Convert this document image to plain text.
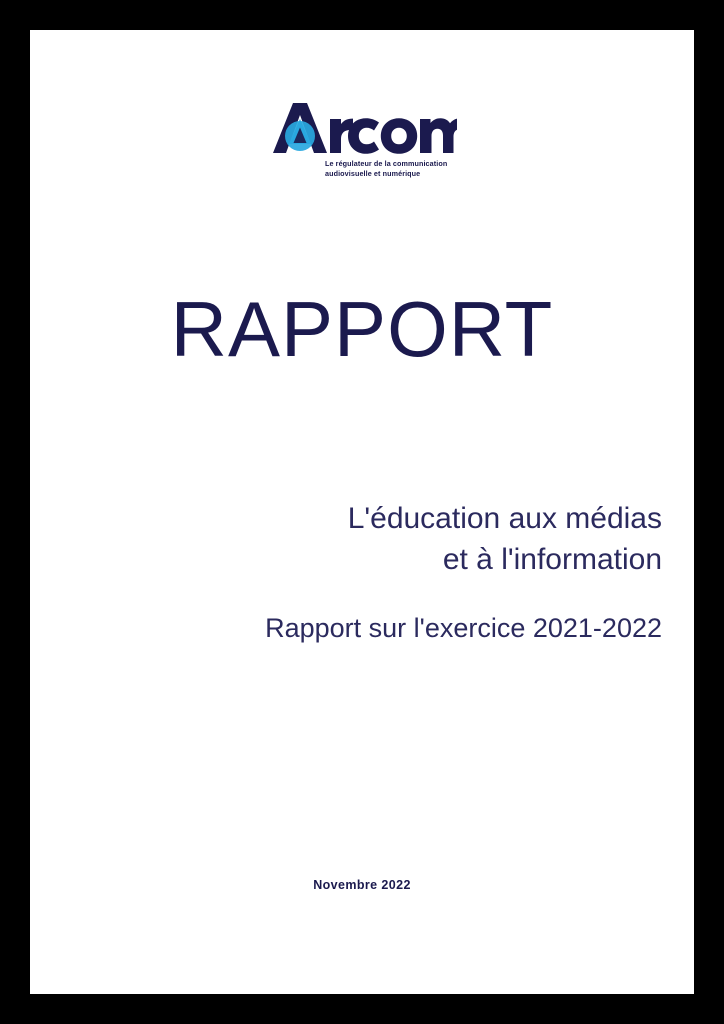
Le régulateur de la communication
audiovisuelle et numérique
RAPPORT
L'éducation aux médias
et à l'information
Rapport sur l'exercice 2021-2022
Novembre 2022
